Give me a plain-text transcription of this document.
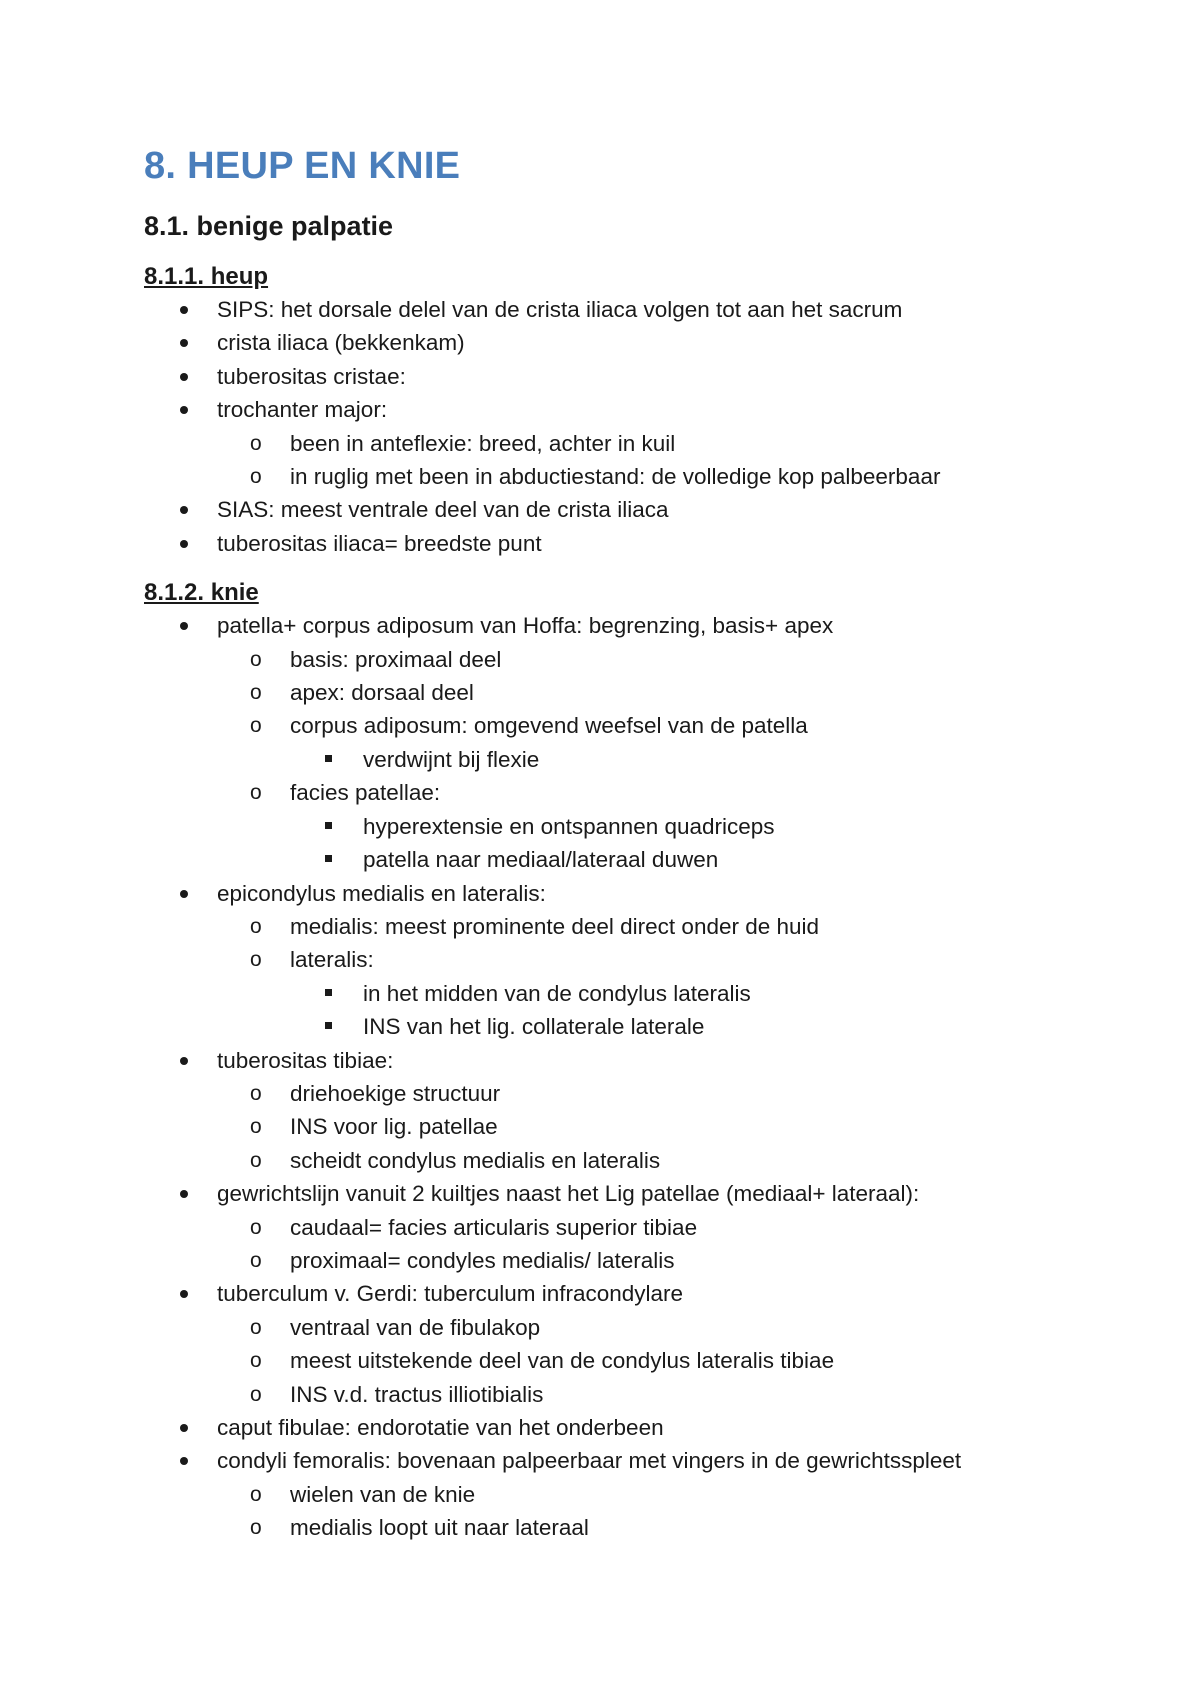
8. HEUP EN KNIE
8.1. benige palpatie
8.1.1. heup
SIPS: het dorsale delel van de crista iliaca volgen tot aan het sacrum
crista iliaca (bekkenkam)
tuberositas cristae:
trochanter major:
o	been in anteflexie: breed, achter in kuil
o	in ruglig met been in abductiestand: de volledige kop palbeerbaar
SIAS: meest ventrale deel van de crista iliaca
tuberositas iliaca= breedste punt
8.1.2. knie
patella+ corpus adiposum van Hoffa: begrenzing, basis+ apex
o	basis: proximaal deel
o	apex: dorsaal deel
o	corpus adiposum: omgevend weefsel van de patella
verdwijnt bij flexie
o	facies patellae:
hyperextensie en ontspannen quadriceps
patella naar mediaal/lateraal duwen
epicondylus medialis en lateralis:
o	medialis: meest prominente deel direct onder de huid
o	lateralis:
in het midden van de condylus lateralis
INS van het lig. collaterale laterale
tuberositas tibiae:
o	driehoekige structuur
o	INS voor lig. patellae
o	scheidt condylus medialis en lateralis
gewrichtslijn vanuit 2 kuiltjes naast het Lig patellae (mediaal+ lateraal):
o	caudaal= facies articularis superior tibiae
o	proximaal= condyles medialis/ lateralis
tuberculum v. Gerdi: tuberculum infracondylare
o	ventraal van de fibulakop
o	meest uitstekende deel van de condylus lateralis tibiae
o	INS v.d. tractus illiotibialis
caput fibulae: endorotatie van het onderbeen
condyli femoralis: bovenaan palpeerbaar met vingers in de gewrichtsspleet
o	wielen van de knie
o	medialis loopt uit naar lateraal
